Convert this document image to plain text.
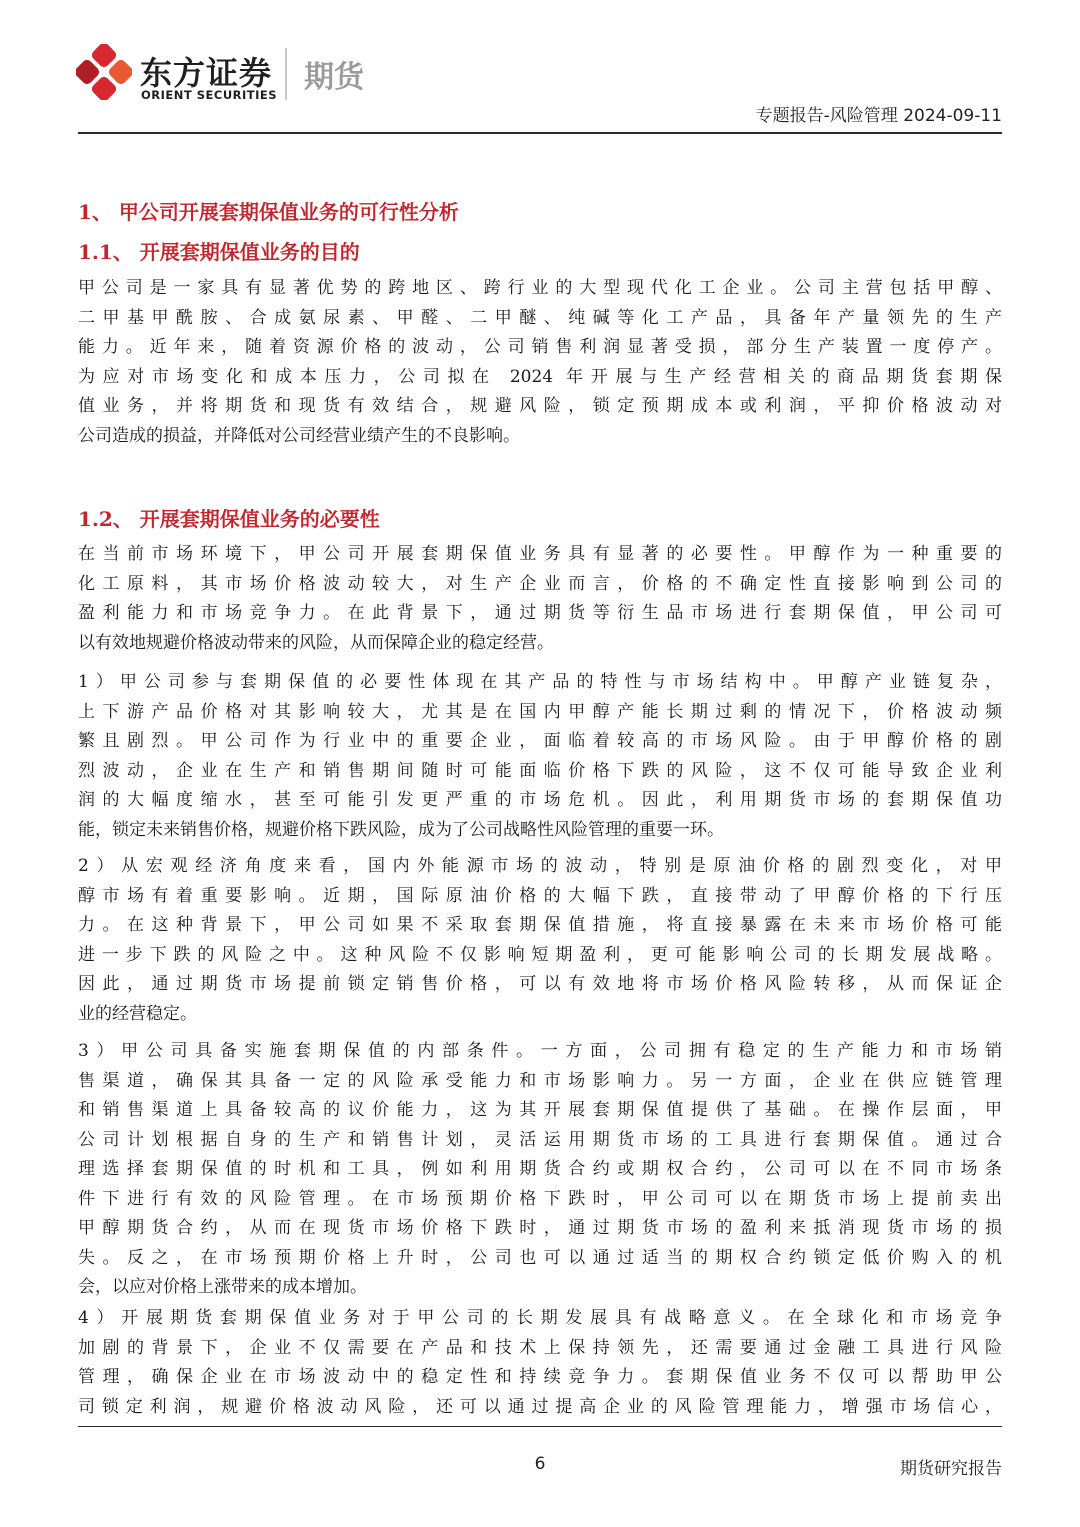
东方证券
ORIENT SECURITIES 期货
专题报告-风险管理 2024-09-11
1、 甲公司开展套期保值业务的可行性分析
1.1、 开展套期保值业务的目的
甲公司是一家具有显著优势的跨地区、跨行业的大型现代化工企业。公司主营包括甲醇、
二甲基甲酰胺、合成氨尿素、甲醛、二甲醚、纯碱等化工产品，具备年产量领先的生产
能力。近年来，随着资源价格的波动，公司销售利润显著受损，部分生产装置一度停产。
为应对市场变化和成本压力，公司拟在 2024 年开展与生产经营相关的商品期货套期保
值业务，并将期货和现货有效结合，规避风险，锁定预期成本或利润，平抑价格波动对
公司造成的损益，并降低对公司经营业绩产生的不良影响。
1.2、 开展套期保值业务的必要性
在当前市场环境下，甲公司开展套期保值业务具有显著的必要性。甲醇作为一种重要的
化工原料，其市场价格波动较大，对生产企业而言，价格的不确定性直接影响到公司的
盈利能力和市场竞争力。在此背景下，通过期货等衍生品市场进行套期保值，甲公司可
以有效地规避价格波动带来的风险，从而保障企业的稳定经营。
1）甲公司参与套期保值的必要性体现在其产品的特性与市场结构中。甲醇产业链复杂，
上下游产品价格对其影响较大，尤其是在国内甲醇产能长期过剩的情况下，价格波动频
繁且剧烈。甲公司作为行业中的重要企业，面临着较高的市场风险。由于甲醇价格的剧
烈波动，企业在生产和销售期间随时可能面临价格下跌的风险，这不仅可能导致企业利
润的大幅度缩水，甚至可能引发更严重的市场危机。因此，利用期货市场的套期保值功
能，锁定未来销售价格，规避价格下跌风险，成为了公司战略性风险管理的重要一环。
2）从宏观经济角度来看，国内外能源市场的波动，特别是原油价格的剧烈变化，对甲
醇市场有着重要影响。近期，国际原油价格的大幅下跌，直接带动了甲醇价格的下行压
力。在这种背景下，甲公司如果不采取套期保值措施，将直接暴露在未来市场价格可能
进一步下跌的风险之中。这种风险不仅影响短期盈利，更可能影响公司的长期发展战略。
因此，通过期货市场提前锁定销售价格，可以有效地将市场价格风险转移，从而保证企
业的经营稳定。
3）甲公司具备实施套期保值的内部条件。一方面，公司拥有稳定的生产能力和市场销
售渠道，确保其具备一定的风险承受能力和市场影响力。另一方面，企业在供应链管理
和销售渠道上具备较高的议价能力，这为其开展套期保值提供了基础。在操作层面，甲
公司计划根据自身的生产和销售计划，灵活运用期货市场的工具进行套期保值。通过合
理选择套期保值的时机和工具，例如利用期货合约或期权合约，公司可以在不同市场条
件下进行有效的风险管理。在市场预期价格下跌时，甲公司可以在期货市场上提前卖出
甲醇期货合约，从而在现货市场价格下跌时，通过期货市场的盈利来抵消现货市场的损
失。反之，在市场预期价格上升时，公司也可以通过适当的期权合约锁定低价购入的机
会，以应对价格上涨带来的成本增加。
4）开展期货套期保值业务对于甲公司的长期发展具有战略意义。在全球化和市场竞争
加剧的背景下，企业不仅需要在产品和技术上保持领先，还需要通过金融工具进行风险
管理，确保企业在市场波动中的稳定性和持续竞争力。套期保值业务不仅可以帮助甲公
司锁定利润，规避价格波动风险，还可以通过提高企业的风险管理能力，增强市场信心，
6	期货研究报告
